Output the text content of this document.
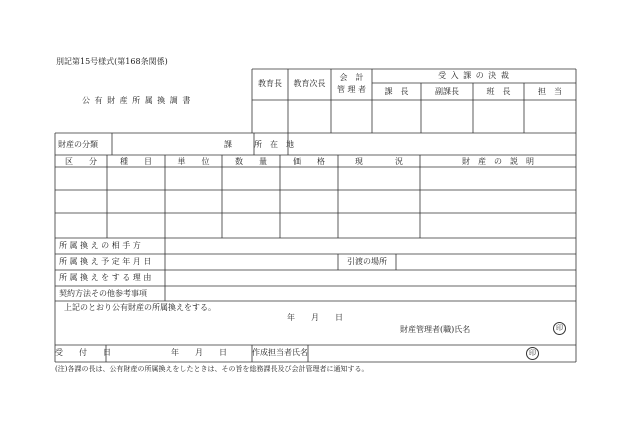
別記第15号様式(第168条関係)
公 有 財 産 所 属 換 調 書
教育長	教育次長
会　計
管 理 者
受 入 課 の 決 裁
課　長	副課長	班　長	担　当
財産の分類	課	所　在　地
区　　分	種　　目	単　　位	数　　量	価　　格	現　　　　況	財　産　の　説　明
所 属 換 え の 相 手 方
所 属 換 え 予 定 年 月 日	引渡の場所
所 属 換 え を す る 理 由
契約方法その他参考事項
上記のとおり公有財産の所属換えをする。
年　　月　　日
財産管理者(職)氏名	印
受　　付　　日	年　　月　　日	作成担当者氏名	印
(注)各課の長は、公有財産の所属換えをしたときは、その旨を総務課長及び会計管理者に通知する。
